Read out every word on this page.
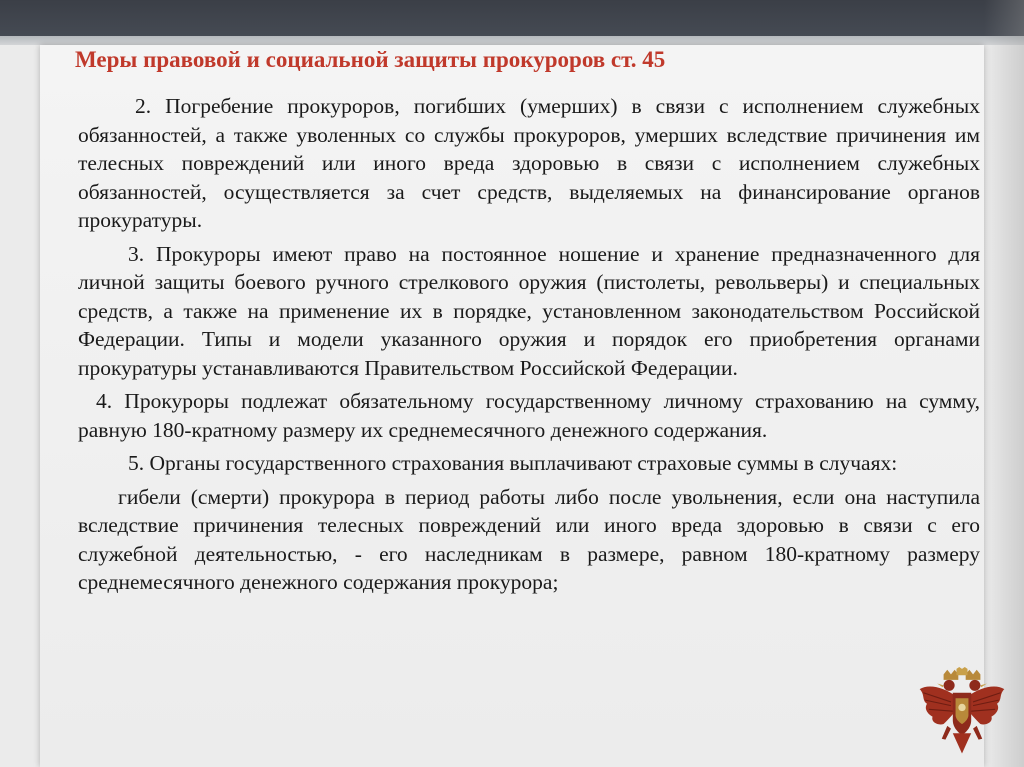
Меры правовой и социальной защиты прокуроров ст. 45

2. Погребение прокуроров, погибших (умерших) в связи с исполнением служебных обязанностей, а также уволенных со службы прокуроров, умерших вследствие причинения им телесных повреждений или иного вреда здоровью в связи с исполнением служебных обязанностей, осуществляется за счет средств, выделяемых на финансирование органов прокуратуры.

3. Прокуроры имеют право на постоянное ношение и хранение предназначенного для личной защиты боевого ручного стрелкового оружия (пистолеты, револьверы) и специальных средств, а также на применение их в порядке, установленном законодательством Российской Федерации. Типы и модели указанного оружия и порядок его приобретения органами прокуратуры устанавливаются Правительством Российской Федерации.

4. Прокуроры подлежат обязательному государственному личному страхованию на сумму, равную 180-кратному размеру их среднемесячного денежного содержания.

5. Органы государственного страхования выплачивают страховые суммы в случаях:

гибели (смерти) прокурора в период работы либо после увольнения, если она наступила вследствие причинения телесных повреждений или иного вреда здоровью в связи с его служебной деятельностью, - его наследникам в размере, равном 180-кратному размеру среднемесячного денежного содержания прокурора;
